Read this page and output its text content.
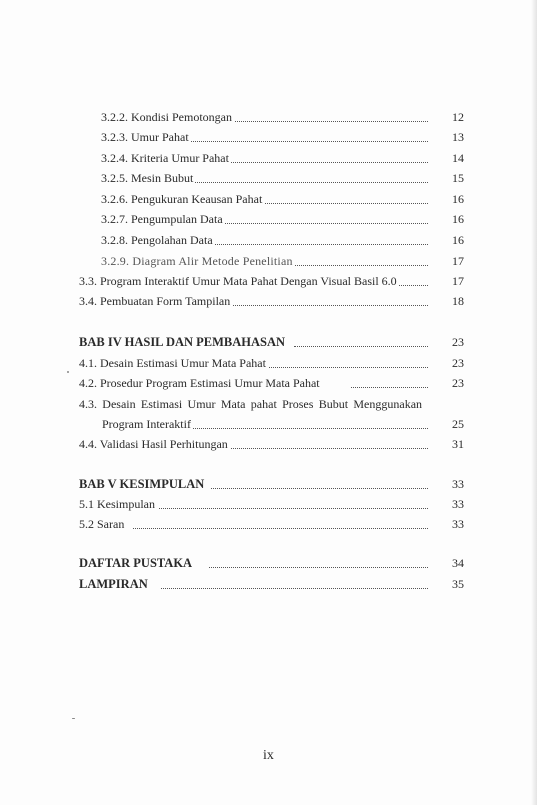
3.2.2. Kondisi Pemotongan	12
3.2.3. Umur Pahat	13
3.2.4. Kriteria Umur Pahat	14
3.2.5. Mesin Bubut	15
3.2.6. Pengukuran Keausan Pahat	16
3.2.7. Pengumpulan Data	16
3.2.8. Pengolahan Data	16
3.2.9. Diagram Alir Metode Penelitian	17
3.3. Program Interaktif Umur Mata Pahat Dengan Visual Basil 6.0	17
3.4. Pembuatan Form Tampilan	18
BAB IV HASIL DAN PEMBAHASAN	23
4.1. Desain Estimasi Umur Mata Pahat	23
4.2. Prosedur Program Estimasi Umur Mata Pahat	23
4.3. Desain Estimasi Umur Mata pahat Proses Bubut Menggunakan
Program Interaktif	25
4.4. Validasi Hasil Perhitungan	31
BAB V KESIMPULAN	33
5.1 Kesimpulan	33
5.2 Saran	33
DAFTAR PUSTAKA	34
LAMPIRAN	35
ix
